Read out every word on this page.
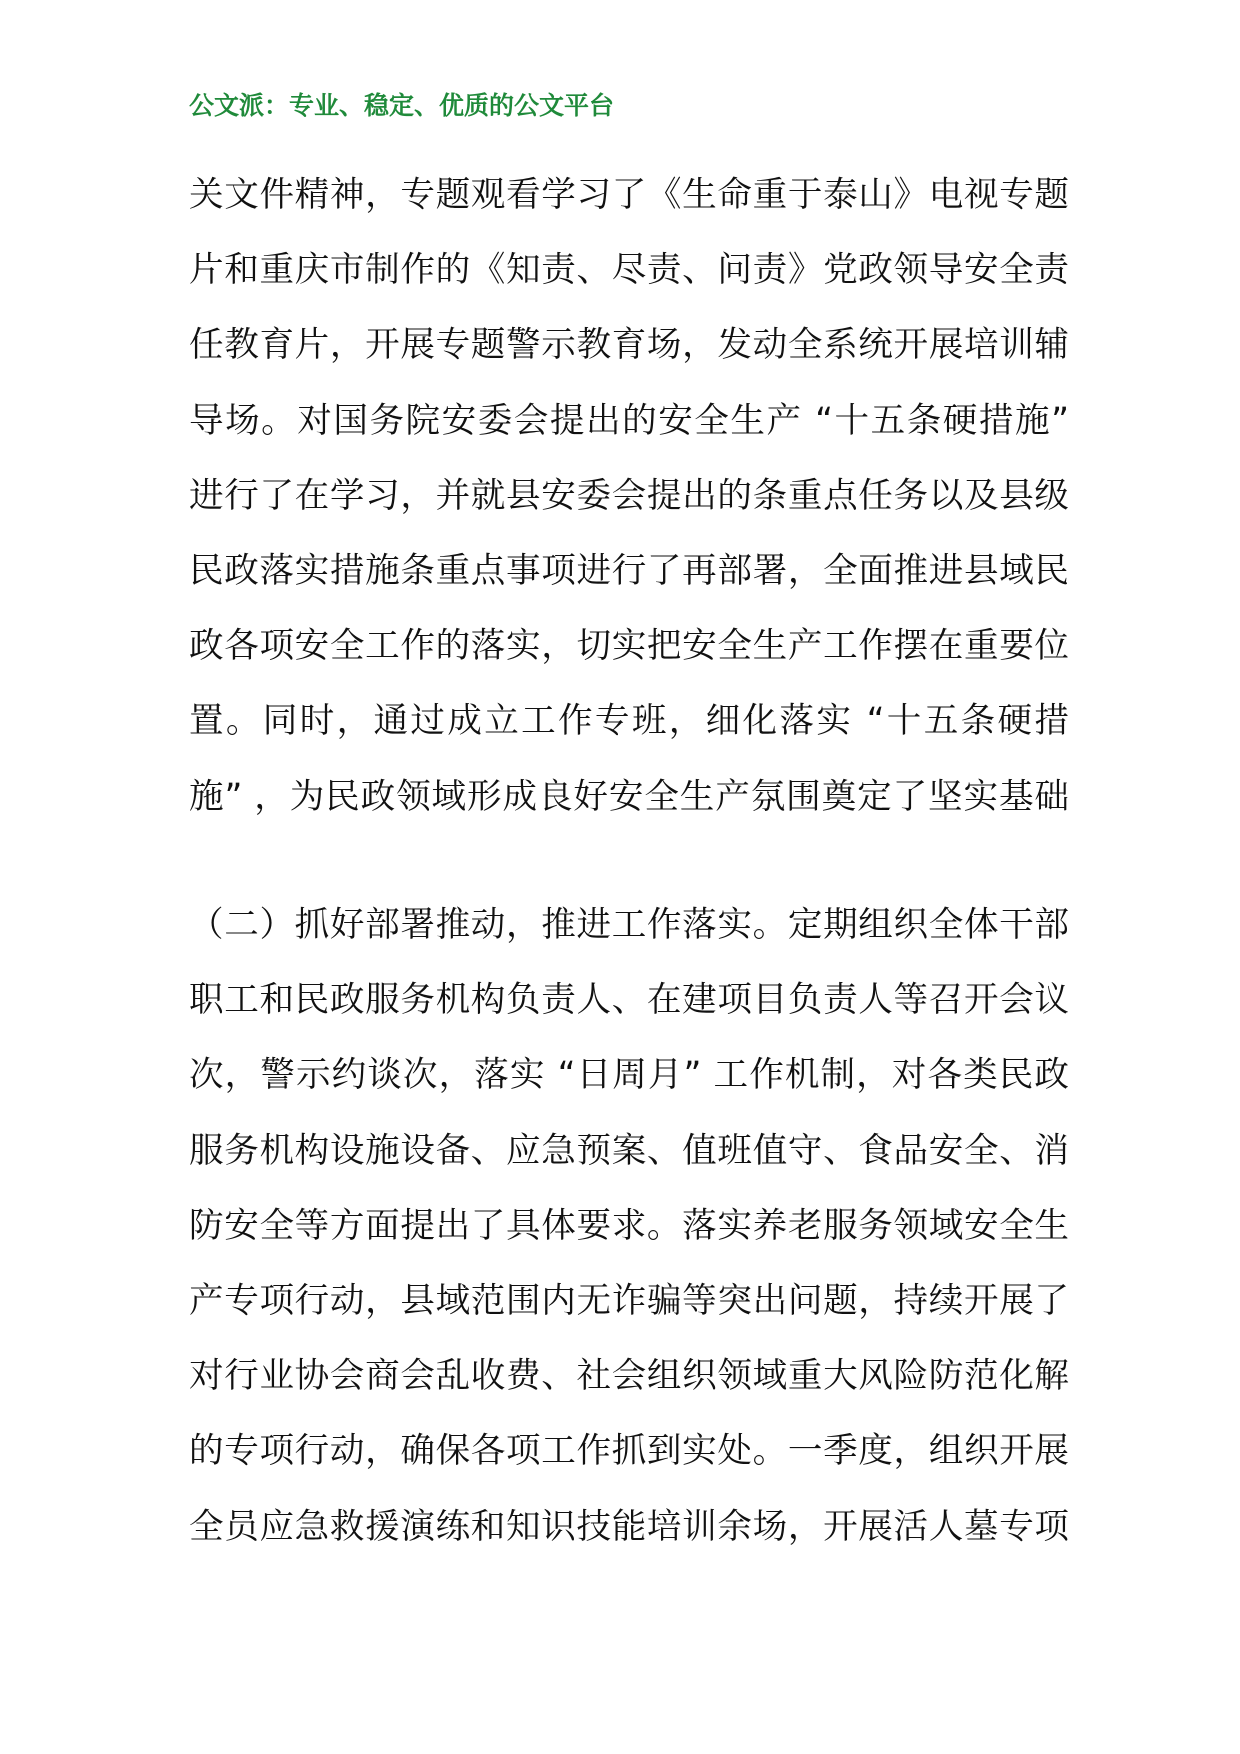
公文派：专业、稳定、优质的公文平台
关文件精神，专题观看学习了《生命重于泰山》电视专题
片和重庆市制作的《知责、尽责、问责》党政领导安全责
任教育片，开展专题警示教育场，发动全系统开展培训辅
导场。对国务院安委会提出的安全生产 “十五条硬措施”
进行了在学习，并就县安委会提出的条重点任务以及县级
民政落实措施条重点事项进行了再部署，全面推进县域民
政各项安全工作的落实，切实把安全生产工作摆在重要位
置。同时，通过成立工作专班，细化落实 “十五条硬措
施” ，为民政领域形成良好安全生产氛围奠定了坚实基础
（二）抓好部署推动，推进工作落实。定期组织全体干部
职工和民政服务机构负责人、在建项目负责人等召开会议
次，警示约谈次，落实 “日周月” 工作机制，对各类民政
服务机构设施设备、应急预案、值班值守、食品安全、消
防安全等方面提出了具体要求。落实养老服务领域安全生
产专项行动，县域范围内无诈骗等突出问题，持续开展了
对行业协会商会乱收费、社会组织领域重大风险防范化解
的专项行动，确保各项工作抓到实处。一季度，组织开展
全员应急救援演练和知识技能培训余场，开展活人墓专项
